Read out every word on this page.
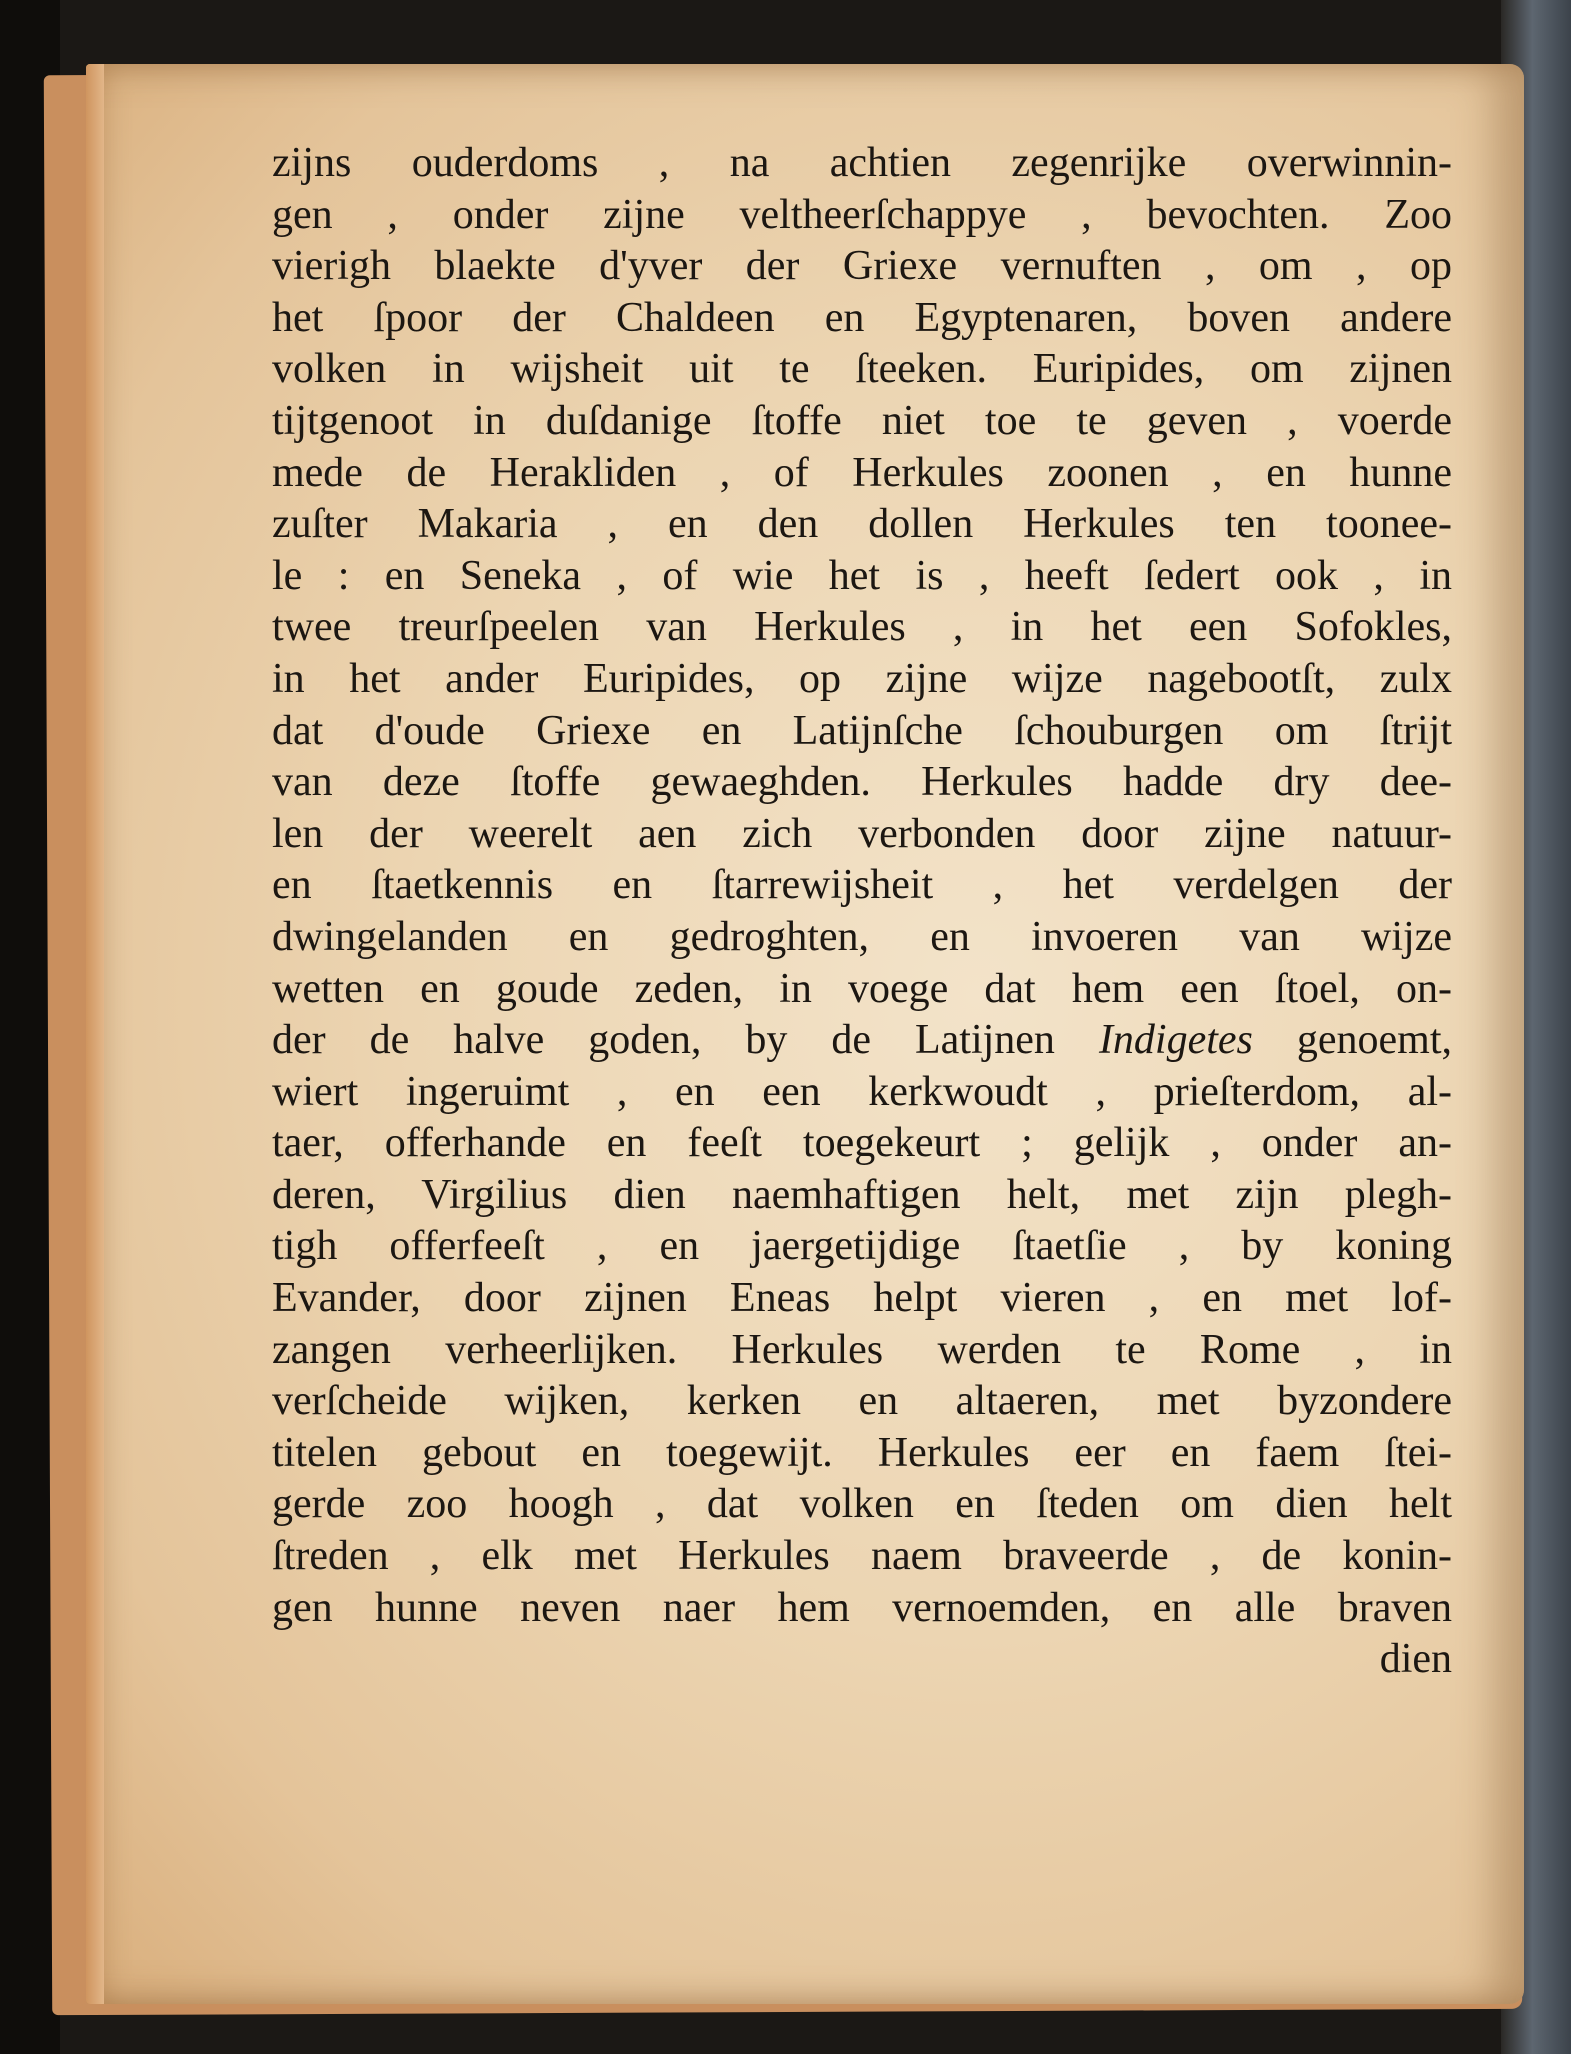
zijns ouderdoms , na achtien zegenrijke overwinnin-
gen , onder zijne veltheerſchappye , bevochten. Zoo
vierigh blaekte d'yver der Griexe vernuften , om , op
het ſpoor der Chaldeen en Egyptenaren, boven andere
volken in wijsheit uit te ſteeken. Euripides, om zijnen
tijtgenoot in duſdanige ſtoffe niet toe te geven , voerde
mede de Herakliden , of Herkules zoonen , en hunne
zuſter Makaria , en den dollen Herkules ten toonee-
le : en Seneka , of wie het is , heeft ſedert ook , in
twee treurſpeelen van Herkules , in het een Sofokles,
in het ander Euripides, op zijne wijze nagebootſt, zulx
dat d'oude Griexe en Latijnſche ſchouburgen om ſtrijt
van deze ſtoffe gewaeghden. Herkules hadde dry dee-
len der weerelt aen zich verbonden door zijne natuur-
en ſtaetkennis en ſtarrewijsheit , het verdelgen der
dwingelanden en gedroghten, en invoeren van wijze
wetten en goude zeden, in voege dat hem een ſtoel, on-
der de halve goden, by de Latijnen Indigetes genoemt,
wiert ingeruimt , en een kerkwoudt , prieſterdom, al-
taer, offerhande en feeſt toegekeurt ; gelijk , onder an-
deren, Virgilius dien naemhaftigen helt, met zijn plegh-
tigh offerfeeſt , en jaergetijdige ſtaetſie , by koning
Evander, door zijnen Eneas helpt vieren , en met lof-
zangen verheerlijken. Herkules werden te Rome , in
verſcheide wijken, kerken en altaeren, met byzondere
titelen gebout en toegewijt. Herkules eer en faem ſtei-
gerde zoo hoogh , dat volken en ſteden om dien helt
ſtreden , elk met Herkules naem braveerde , de konin-
gen hunne neven naer hem vernoemden, en alle braven
dien
